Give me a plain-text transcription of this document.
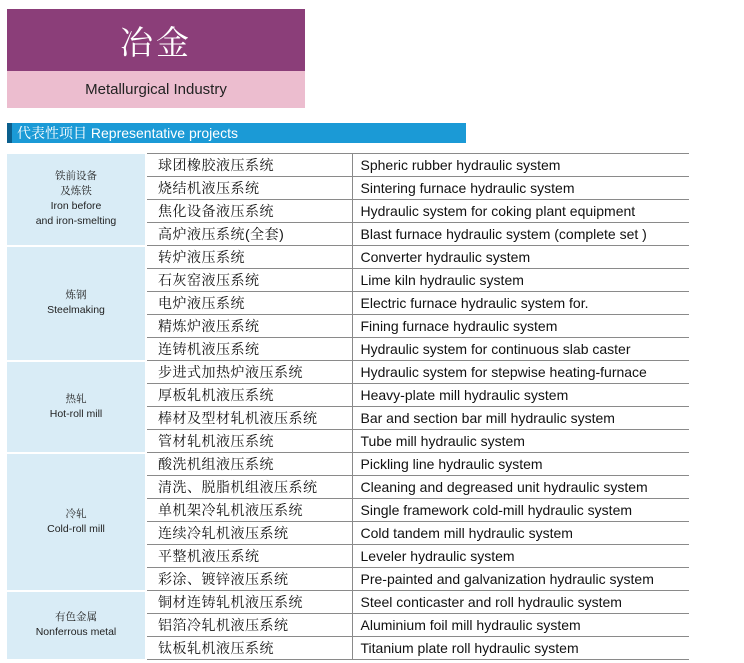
冶金
Metallurgical Industry
代表性项目 Representative projects
铁前设备
及炼铁
Iron before
and iron-smelting	球团橡胶液压系统	Spheric rubber hydraulic system
	烧结机液压系统	Sintering furnace hydraulic system
	焦化设备液压系统	Hydraulic system for coking plant equipment
	高炉液压系统(全套)	Blast furnace hydraulic system (complete set )

炼钢
Steelmaking	转炉液压系统	Converter hydraulic system
	石灰窑液压系统	Lime kiln hydraulic system
	电炉液压系统	Electric furnace hydraulic system for.
	精炼炉液压系统	Fining furnace hydraulic system
	连铸机液压系统	Hydraulic system for continuous slab caster

热轧
Hot-roll mill	步进式加热炉液压系统	Hydraulic system for stepwise heating-furnace
	厚板轧机液压系统	Heavy-plate mill hydraulic system
	棒材及型材轧机液压系统	Bar and section bar mill hydraulic system
	管材轧机液压系统	Tube mill hydraulic system

冷轧
Cold-roll mill	酸洗机组液压系统	Pickling line hydraulic system
	清洗、脱脂机组液压系统	Cleaning and degreased unit hydraulic system
	单机架冷轧机液压系统	Single framework cold-mill hydraulic system
	连续冷轧机液压系统	Cold tandem mill hydraulic system
	平整机液压系统	Leveler hydraulic system
	彩涂、镀锌液压系统	Pre-painted and galvanization hydraulic system

有色金属
Nonferrous metal	铜材连铸轧机液压系统	Steel conticaster and roll hydraulic system
	铝箔冷轧机液压系统	Aluminium foil mill hydraulic system
	钛板轧机液压系统	Titanium plate roll hydraulic system
